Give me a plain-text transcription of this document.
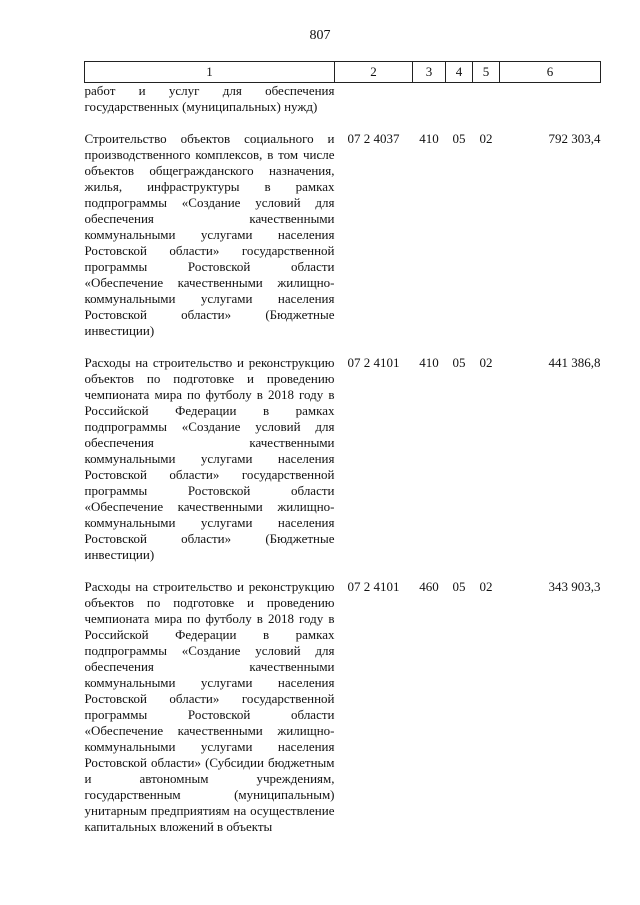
807
1	2	3	4	5	6
работ и услуг для обеспечения государственных (муниципальных) нужд)					

Строительство объектов социального и производственного комплексов, в том числе объектов общегражданского назначения, жилья, инфраструктуры в рамках подпрограммы «Создание условий для обеспечения качественными коммунальными услугами населения Ростовской области» государственной программы Ростовской области «Обеспечение качественными жилищно-коммунальными услугами населения Ростовской области» (Бюджетные инвестиции)	07 2 4037	410	05	02	792 303,4

Расходы на строительство и реконструкцию объектов по подготовке и проведению чемпионата мира по футболу в 2018 году в Российской Федерации в рамках подпрограммы «Создание условий для обеспечения качественными коммунальными услугами населения Ростовской области» государственной программы Ростовской области «Обеспечение качественными жилищно-коммунальными услугами населения Ростовской области» (Бюджетные инвестиции)	07 2 4101	410	05	02	441 386,8

Расходы на строительство и реконструкцию объектов по подготовке и проведению чемпионата мира по футболу в 2018 году в Российской Федерации в рамках подпрограммы «Создание условий для обеспечения качественными коммунальными услугами населения Ростовской области» государственной программы Ростовской области «Обеспечение качественными жилищно-коммунальными услугами населения Ростовской области» (Субсидии бюджетным и автономным учреждениям, государственным (муниципальным) унитарным предприятиям на осуществление капитальных вложений в объекты	07 2 4101	460	05	02	343 903,3
